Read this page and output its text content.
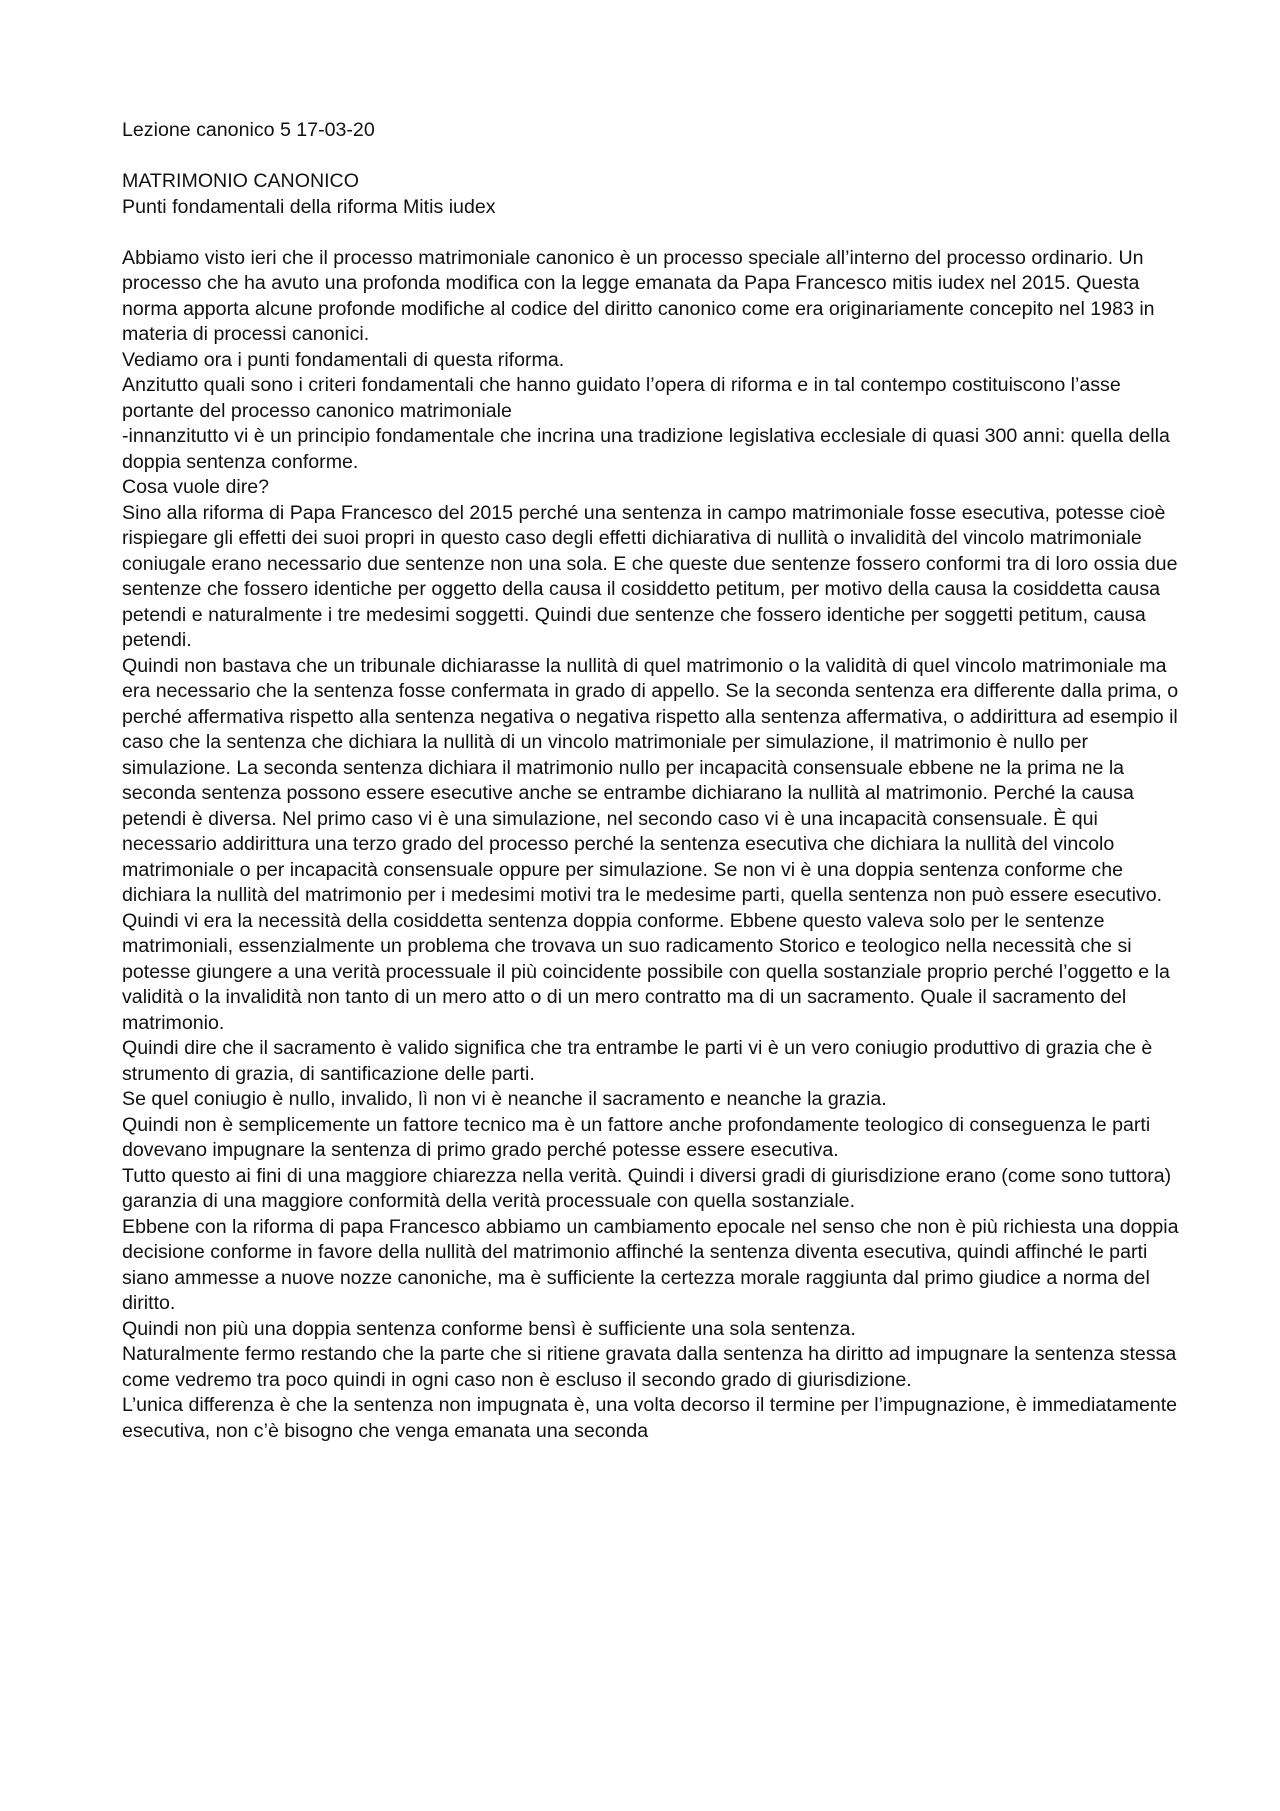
Lezione canonico 5 17-03-20

MATRIMONIO CANONICO

Punti fondamentali della riforma Mitis iudex

Abbiamo visto ieri che il processo matrimoniale canonico è un processo speciale all’interno del processo ordinario. Un processo che ha avuto una profonda modifica con la legge emanata da Papa Francesco mitis iudex nel 2015. Questa norma apporta alcune profonde modifiche al codice del diritto canonico come era originariamente concepito nel 1983 in materia di processi canonici.

Vediamo ora i punti fondamentali di questa riforma.

Anzitutto quali sono i criteri fondamentali che hanno guidato l’opera di riforma e in tal contempo costituiscono l’asse portante del processo canonico matrimoniale

-innanzitutto vi è un principio fondamentale che incrina una tradizione legislativa ecclesiale di quasi 300 anni: quella della doppia sentenza conforme.

Cosa vuole dire?

Sino alla riforma di Papa Francesco del 2015 perché una sentenza in campo matrimoniale fosse esecutiva, potesse cioè rispiegare gli effetti dei suoi propri in questo caso degli effetti dichiarativa di nullità o invalidità del vincolo matrimoniale coniugale erano necessario due sentenze non una sola. E che queste due sentenze fossero conformi tra di loro ossia due sentenze che fossero identiche per oggetto della causa il cosiddetto petitum, per motivo della causa la cosiddetta causa petendi e naturalmente i tre medesimi soggetti. Quindi due sentenze che fossero identiche per soggetti petitum, causa petendi.

Quindi non bastava che un tribunale dichiarasse la nullità di quel matrimonio o la validità di quel vincolo matrimoniale ma era necessario che la sentenza fosse confermata in grado di appello. Se la seconda sentenza era differente dalla prima, o perché affermativa rispetto alla sentenza negativa o negativa rispetto alla sentenza affermativa, o addirittura ad esempio il caso che la sentenza che dichiara la nullità di un vincolo matrimoniale per simulazione, il matrimonio è nullo per simulazione. La seconda sentenza dichiara il matrimonio nullo per incapacità consensuale ebbene ne la prima ne la seconda sentenza possono essere esecutive anche se entrambe dichiarano la nullità al matrimonio. Perché la causa petendi è diversa. Nel primo caso vi è una simulazione, nel secondo caso vi è una incapacità consensuale. È qui necessario addirittura una terzo grado del processo perché la sentenza esecutiva che dichiara la nullità del vincolo matrimoniale o per incapacità consensuale oppure per simulazione. Se non vi è una doppia sentenza conforme che dichiara la nullità del matrimonio per i medesimi motivi tra le medesime parti, quella sentenza non può essere esecutivo.

Quindi vi era la necessità della cosiddetta sentenza doppia conforme. Ebbene questo valeva solo per le sentenze matrimoniali, essenzialmente un problema che trovava un suo radicamento Storico e teologico nella necessità che si potesse giungere a una verità processuale il più coincidente possibile con quella sostanziale proprio perché l’oggetto e la validità o la invalidità non tanto di un mero atto o di un mero contratto ma di un sacramento. Quale il sacramento del matrimonio.

Quindi dire che il sacramento è valido significa che tra entrambe le parti vi è un vero coniugio produttivo di grazia che è strumento di grazia, di santificazione delle parti.

Se quel coniugio è nullo, invalido, lì non vi è neanche il sacramento e neanche la grazia.

Quindi non è semplicemente un fattore tecnico ma è un fattore anche profondamente teologico di conseguenza le parti dovevano impugnare la sentenza di primo grado perché potesse essere esecutiva.

Tutto questo ai fini di una maggiore chiarezza nella verità. Quindi i diversi gradi di giurisdizione erano (come sono tuttora) garanzia di una maggiore conformità della verità processuale con quella sostanziale.

Ebbene con la riforma di papa Francesco abbiamo un cambiamento epocale nel senso che non è più richiesta una doppia decisione conforme in favore della nullità del matrimonio affinché la sentenza diventa esecutiva, quindi affinché le parti siano ammesse a nuove nozze canoniche, ma è sufficiente la certezza morale raggiunta dal primo giudice a norma del diritto.

Quindi non più una doppia sentenza conforme bensì è sufficiente una sola sentenza.

Naturalmente fermo restando che la parte che si ritiene gravata dalla sentenza ha diritto ad impugnare la sentenza stessa come vedremo tra poco quindi in ogni caso non è escluso il secondo grado di giurisdizione.

L’unica differenza è che la sentenza non impugnata è, una volta decorso il termine per l’impugnazione, è immediatamente esecutiva, non c’è bisogno che venga emanata una seconda
